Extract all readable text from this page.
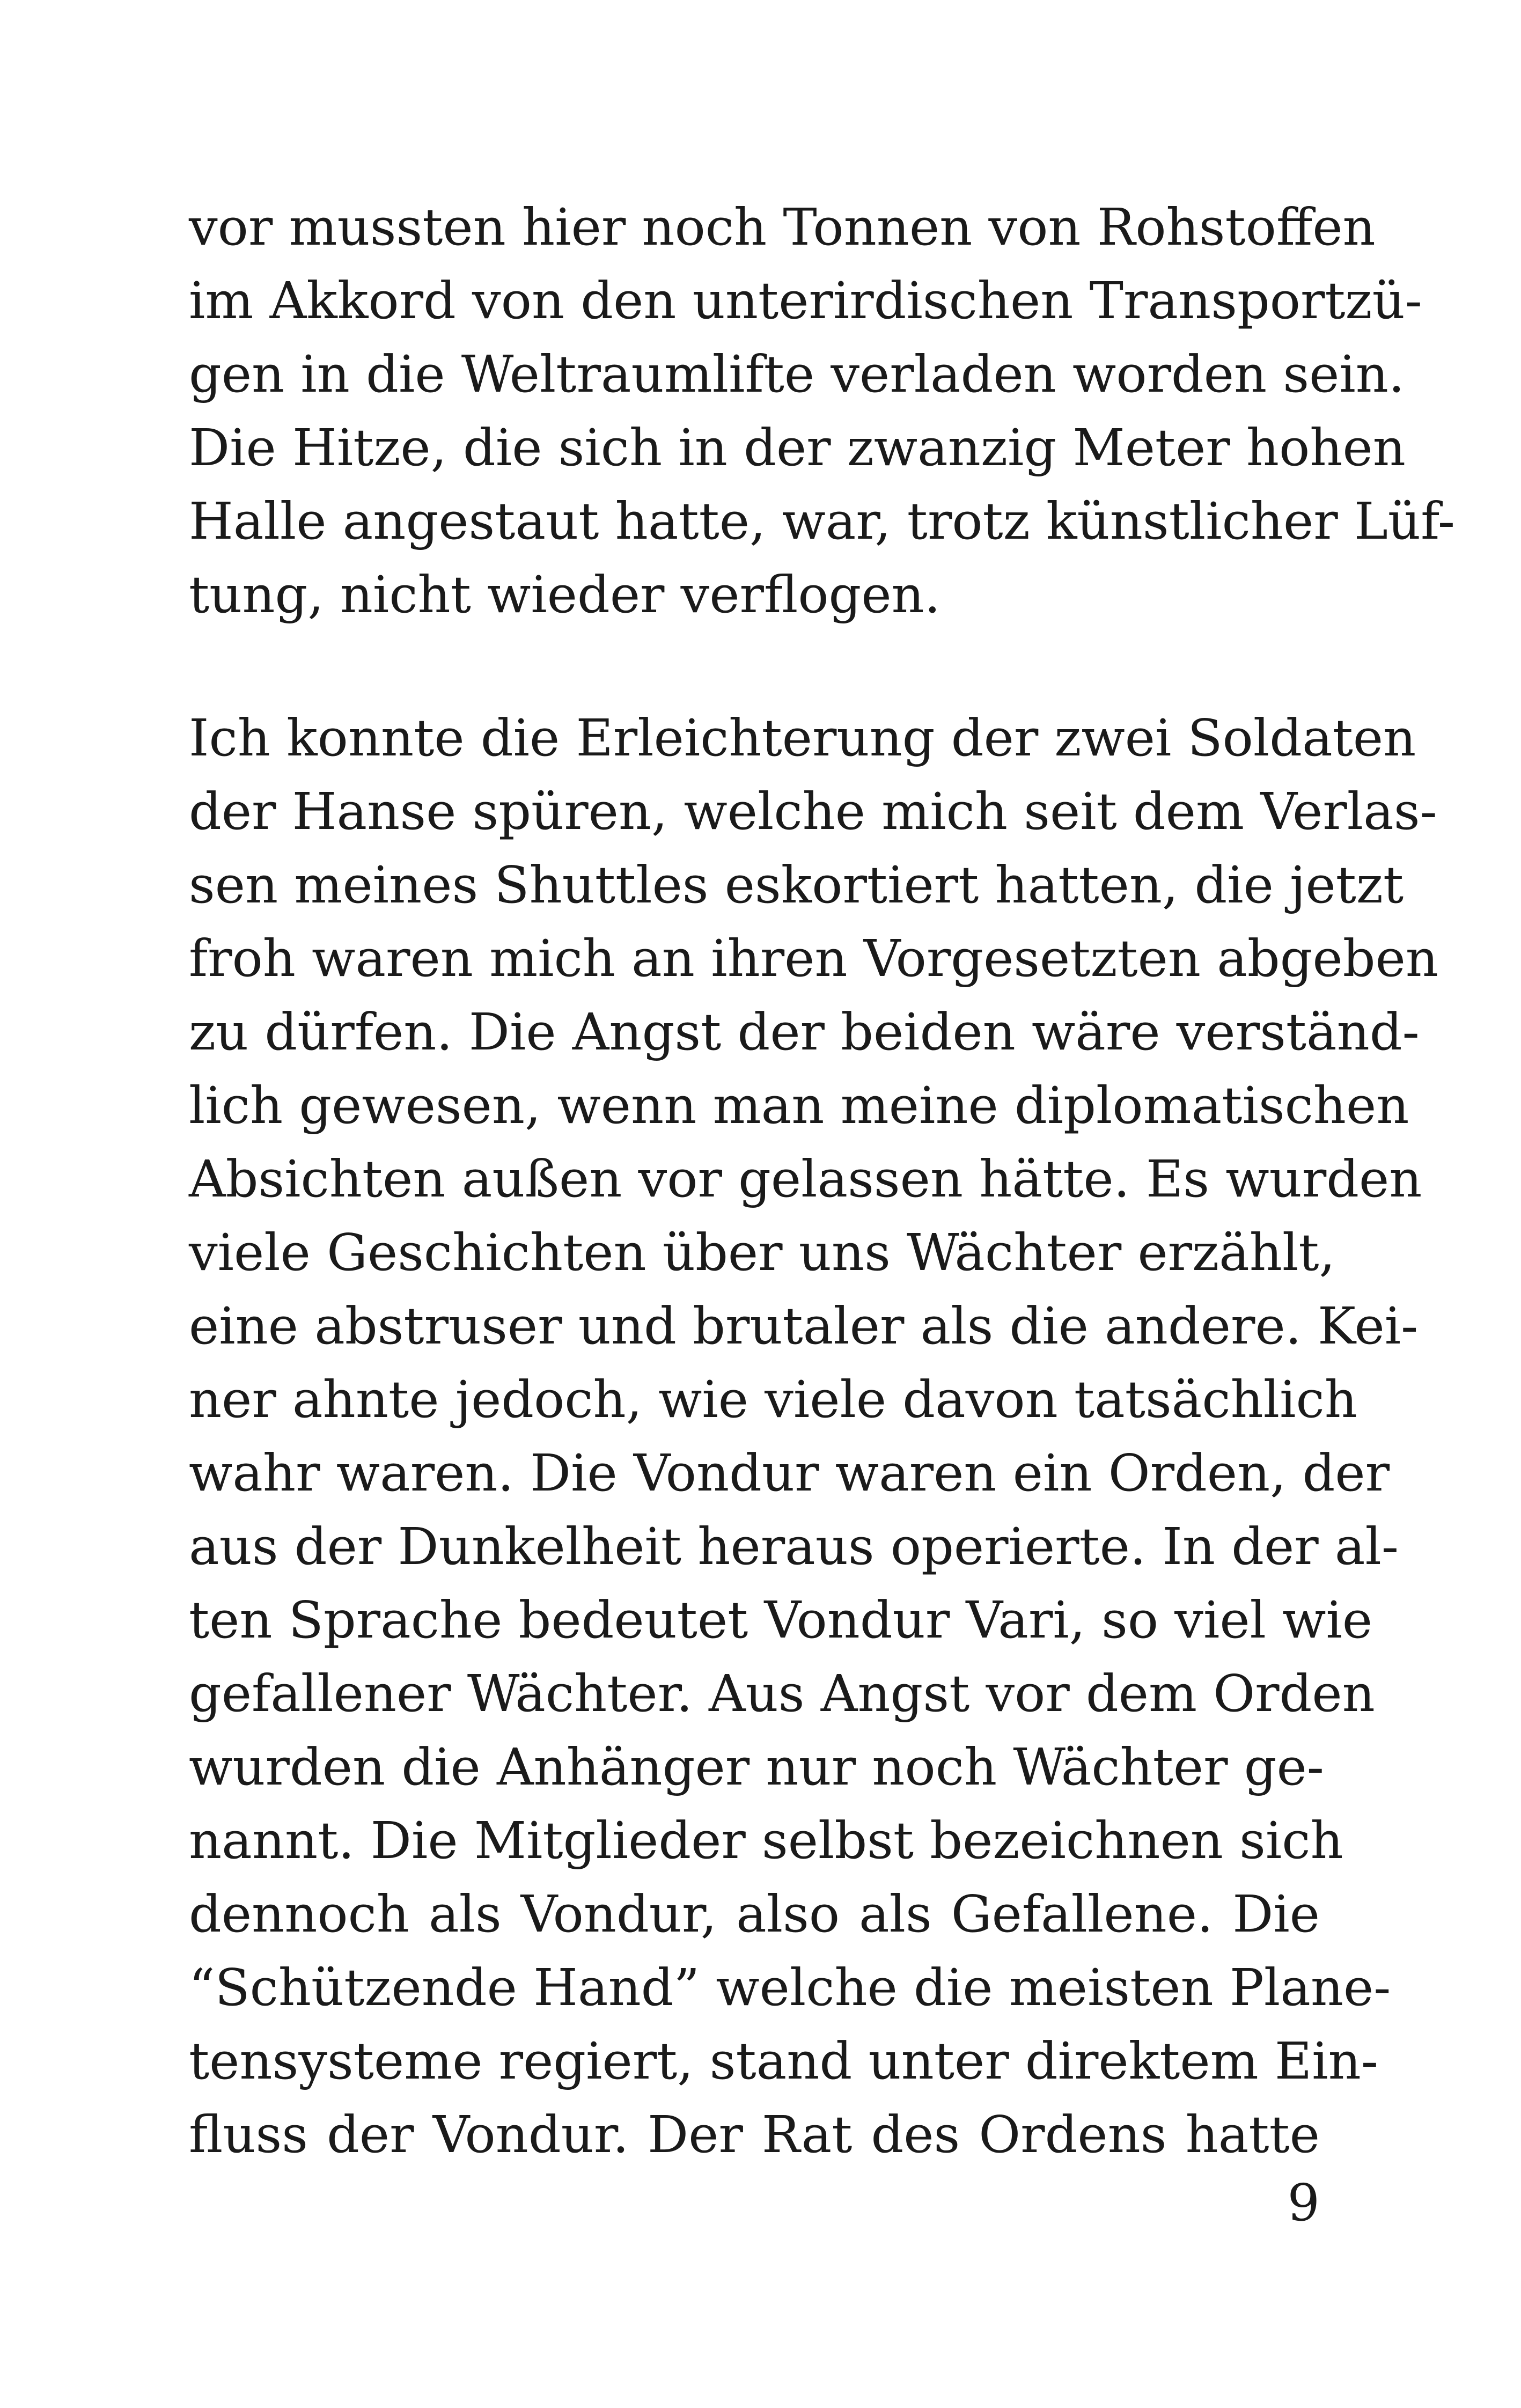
vor mussten hier noch Tonnen von Rohstoffen
im Akkord von den unterirdischen Transportzü-
gen in die Weltraumlifte verladen worden sein.
Die Hitze, die sich in der zwanzig Meter hohen
Halle angestaut hatte, war, trotz künstlicher Lüf-
tung, nicht wieder verflogen.
Ich konnte die Erleichterung der zwei Soldaten
der Hanse spüren, welche mich seit dem Verlas-
sen meines Shuttles eskortiert hatten, die jetzt
froh waren mich an ihren Vorgesetzten abgeben
zu dürfen. Die Angst der beiden wäre verständ-
lich gewesen, wenn man meine diplomatischen
Absichten außen vor gelassen hätte. Es wurden
viele Geschichten über uns Wächter erzählt,
eine abstruser und brutaler als die andere. Kei-
ner ahnte jedoch, wie viele davon tatsächlich
wahr waren. Die Vondur waren ein Orden, der
aus der Dunkelheit heraus operierte. In der al-
ten Sprache bedeutet Vondur Vari, so viel wie
gefallener Wächter. Aus Angst vor dem Orden
wurden die Anhänger nur noch Wächter ge-
nannt. Die Mitglieder selbst bezeichnen sich
dennoch als Vondur, also als Gefallene. Die
“Schützende Hand” welche die meisten Plane-
tensysteme regiert, stand unter direktem Ein-
fluss der Vondur. Der Rat des Ordens hatte
9
